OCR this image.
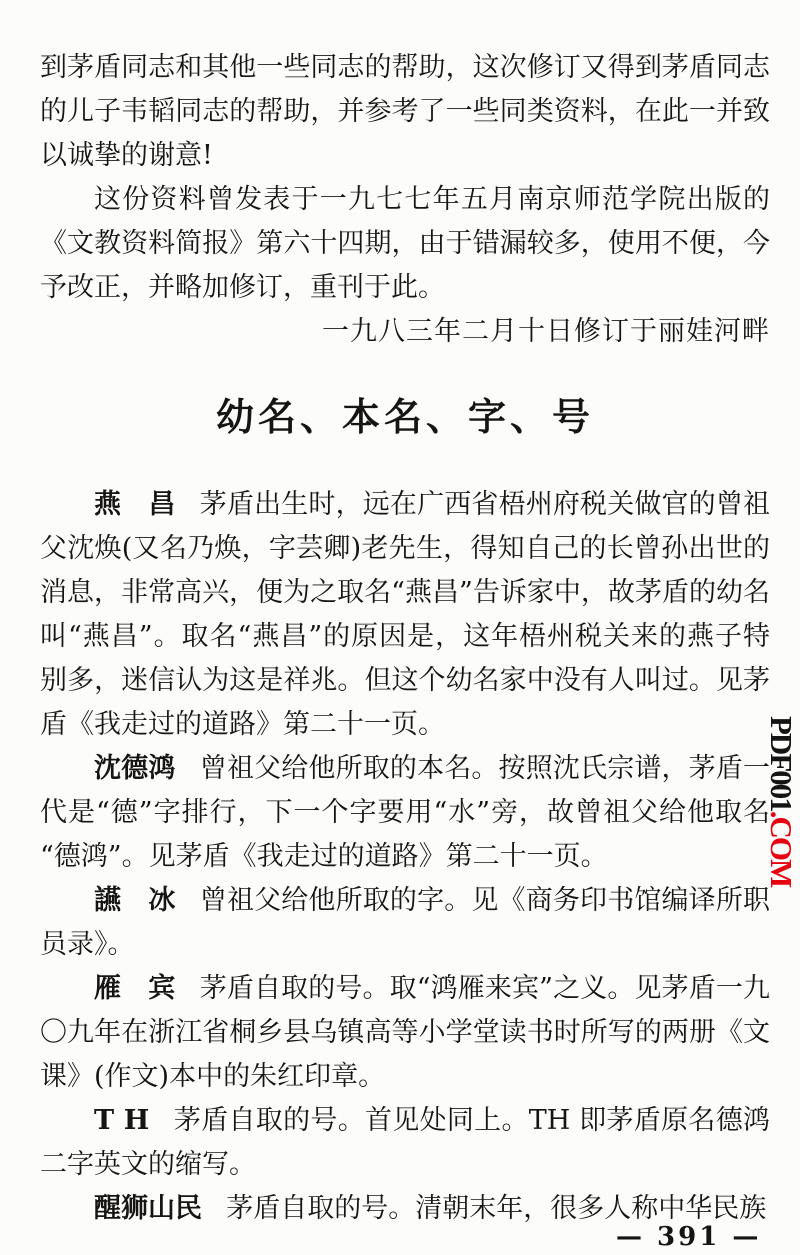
到茅盾同志和其他一些同志的帮助，这次修订又得到茅盾同志的儿子韦韬同志的帮助，并参考了一些同类资料，在此一并致以诚挚的谢意!

这份资料曾发表于一九七七年五月南京师范学院出版的《文教资料简报》第六十四期，由于错漏较多，使用不便，今予改正，并略加修订，重刊于此。

一九八三年二月十日修订于丽娃河畔

幼名、本名、字、号

燕　昌 茅盾出生时，远在广西省梧州府税关做官的曾祖父沈焕(又名乃焕，字芸卿)老先生，得知自己的长曾孙出世的消息，非常高兴，便为之取名“燕昌”告诉家中，故茅盾的幼名叫“燕昌”。取名“燕昌”的原因是，这年梧州税关来的燕子特别多，迷信认为这是祥兆。但这个幼名家中没有人叫过。见茅盾《我走过的道路》第二十一页。

沈德鸿 曾祖父给他所取的本名。按照沈氏宗谱，茅盾一代是“德”字排行，下一个字要用“水”旁，故曾祖父给他取名“德鸿”。见茅盾《我走过的道路》第二十一页。

讌　冰 曾祖父给他所取的字。见《商务印书馆编译所职员录》。

雁　宾 茅盾自取的号。取“鸿雁来宾”之义。见茅盾一九〇九年在浙江省桐乡县乌镇高等小学堂读书时所写的两册《文课》(作文)本中的朱红印章。

T H 茅盾自取的号。首见处同上。TH 即茅盾原名德鸿二字英文的缩写。

醒狮山民 茅盾自取的号。清朝末年，很多人称中华民族

— 391 —
PDF001.COM
